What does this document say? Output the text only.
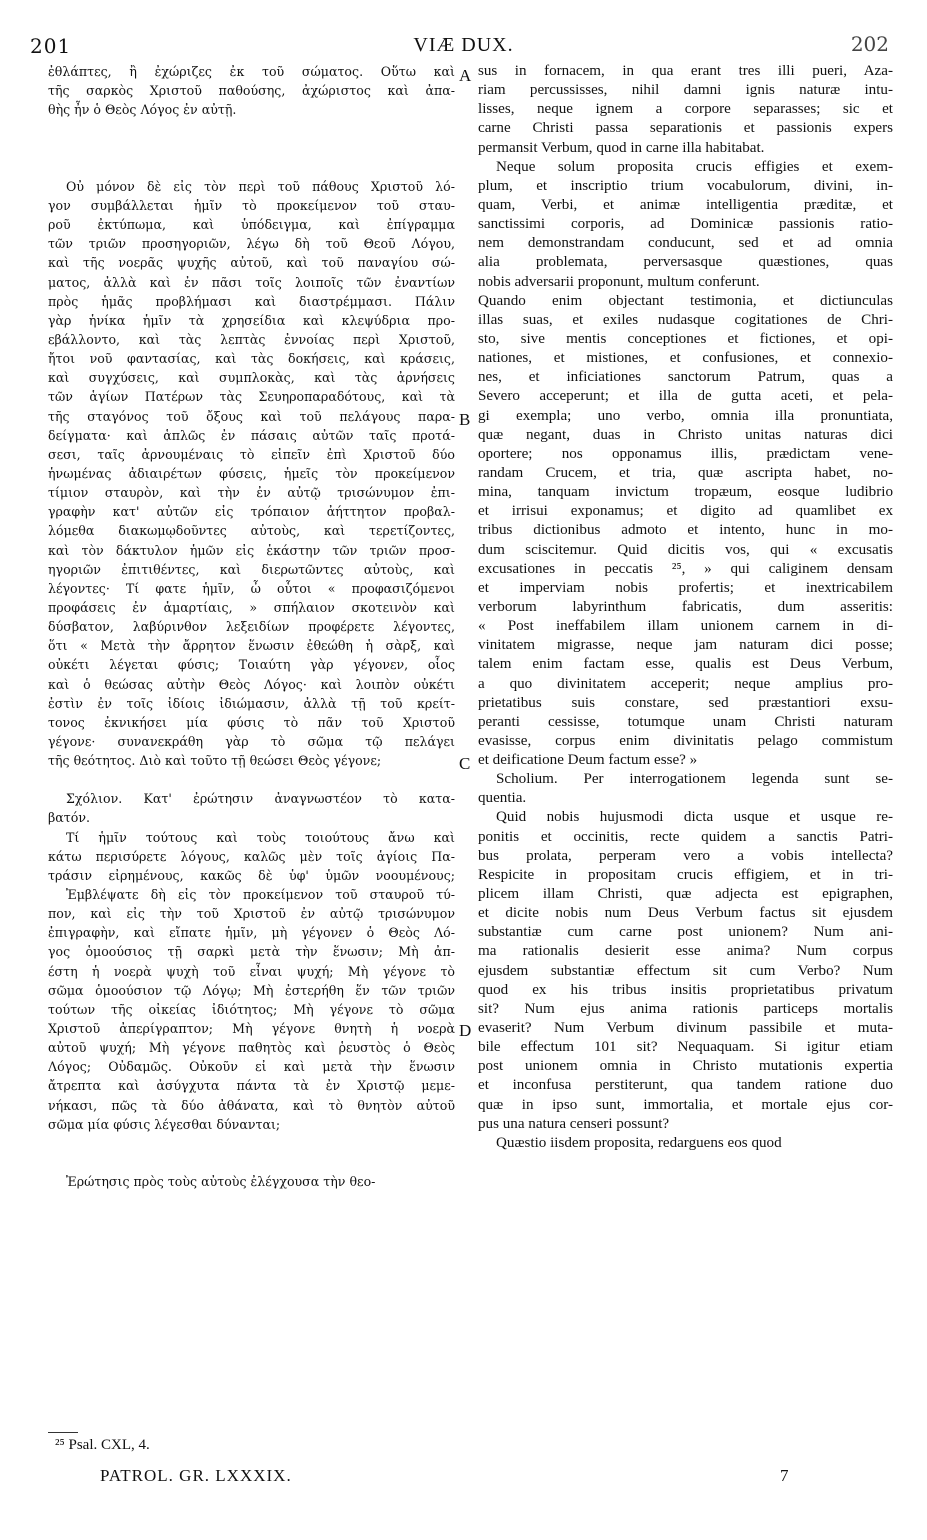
201	VIÆ DUX.	202
ἐθλάπτες, ἢ ἐχώριζες ἐκ τοῦ σώματος. Οὕτω καὶ
τῆς σαρκὸς Χριστοῦ παθούσης, ἀχώριστος καὶ ἀπα-
θὴς ἦν ὁ Θεὸς Λόγος ἐν αὐτῇ.
Οὐ μόνον δὲ εἰς τὸν περὶ τοῦ πάθους Χριστοῦ λό-
γον συμβάλλεται ἡμῖν τὸ προκείμενον τοῦ σταυ-
ροῦ ἐκτύπωμα, καὶ ὑπόδειγμα, καὶ ἐπίγραμμα
τῶν τριῶν προσηγοριῶν, λέγω δὴ τοῦ Θεοῦ Λόγου,
καὶ τῆς νοερᾶς ψυχῆς αὐτοῦ, καὶ τοῦ παναγίου σώ-
ματος, ἀλλὰ καὶ ἐν πᾶσι τοῖς λοιποῖς τῶν ἐναντίων
πρὸς ἡμᾶς προβλήμασι καὶ διαστρέμμασι. Πάλιν
γὰρ ἡνίκα ἡμῖν τὰ χρησείδια καὶ κλεψύδρια προ-
εβάλλοντο, καὶ τὰς λεπτὰς ἐννοίας περὶ Χριστοῦ,
ἤτοι νοῦ φαντασίας, καὶ τὰς δοκήσεις, καὶ κράσεις,
καὶ συγχύσεις, καὶ συμπλοκὰς, καὶ τὰς ἀρνήσεις
τῶν ἁγίων Πατέρων τὰς Σευηροπαραδότους, καὶ τὰ
τῆς σταγόνος τοῦ ὄξους καὶ τοῦ πελάγους παρα-
δείγματα· καὶ ἁπλῶς ἐν πάσαις αὐτῶν ταῖς προτά-
σεσι, ταῖς ἀρνουμέναις τὸ εἰπεῖν ἐπὶ Χριστοῦ δύο
ἡνωμένας ἀδιαιρέτων φύσεις, ἡμεῖς τὸν προκείμενον
τίμιον σταυρὸν, καὶ τὴν ἐν αὐτῷ τρισώνυμον ἐπι-
γραφὴν κατ' αὐτῶν εἰς τρόπαιον ἀήττητον προβαλ-
λόμεθα διακωμῳδοῦντες αὐτοὺς, καὶ τερετίζοντες,
καὶ τὸν δάκτυλον ἡμῶν εἰς ἑκάστην τῶν τριῶν προσ-
ηγοριῶν ἐπιτιθέντες, καὶ διερωτῶντες αὐτοὺς, καὶ
λέγοντες· Τί φατε ἡμῖν, ὦ οὗτοι « προφασιζόμενοι
προφάσεις ἐν ἁμαρτίαις, » σπήλαιον σκοτεινὸν καὶ
δύσβατον, λαβύρινθον λεξειδίων προφέρετε λέγοντες,
ὅτι « Μετὰ τὴν ἄρρητον ἕνωσιν ἐθεώθη ἡ σὰρξ, καὶ
οὐκέτι λέγεται φύσις; Τοιαύτη γὰρ γέγονεν, οἷος
καὶ ὁ θεώσας αὐτὴν Θεὸς Λόγος· καὶ λοιπὸν οὐκέτι
ἐστὶν ἐν τοῖς ἰδίοις ἰδιώμασιν, ἀλλὰ τῇ τοῦ κρείτ-
τονος ἐκνικήσει μία φύσις τὸ πᾶν τοῦ Χριστοῦ
γέγονε· συνανεκράθη γὰρ τὸ σῶμα τῷ πελάγει
τῆς θεότητος. Διὸ καὶ τοῦτο τῇ θεώσει Θεὸς γέγονε;
Σχόλιον. Κατ' ἐρώτησιν ἀναγνωστέον τὸ κατα-
βατόν.
Τί ἡμῖν τούτους καὶ τοὺς τοιούτους ἄνω καὶ
κάτω περισύρετε λόγους, καλῶς μὲν τοῖς ἁγίοις Πα-
τράσιν εἰρημένους, κακῶς δὲ ὑφ' ὑμῶν νοουμένους;
Ἐμβλέψατε δὴ εἰς τὸν προκείμενον τοῦ σταυροῦ τύ-
πον, καὶ εἰς τὴν τοῦ Χριστοῦ ἐν αὐτῷ τρισώνυμον
ἐπιγραφὴν, καὶ εἴπατε ἡμῖν, μὴ γέγονεν ὁ Θεὸς Λό-
γος ὁμοούσιος τῇ σαρκὶ μετὰ τὴν ἕνωσιν; Μὴ ἀπ-
έστη ἡ νοερὰ ψυχὴ τοῦ εἶναι ψυχή; Μὴ γέγονε τὸ
σῶμα ὁμοούσιον τῷ Λόγῳ; Μὴ ἐστερήθη ἕν τῶν τριῶν
τούτων τῆς οἰκείας ἰδιότητος; Μὴ γέγονε τὸ σῶμα
Χριστοῦ ἀπερίγραπτον; Μὴ γέγονε θνητὴ ἡ νοερὰ
αὐτοῦ ψυχή; Μὴ γέγονε παθητὸς καὶ ῥευστὸς ὁ Θεὸς
Λόγος; Οὐδαμῶς. Οὐκοῦν εἰ καὶ μετὰ τὴν ἕνωσιν
ἄτρεπτα καὶ ἀσύγχυτα πάντα τὰ ἐν Χριστῷ μεμε-
νήκασι, πῶς τὰ δύο ἀθάνατα, καὶ τὸ θνητὸν αὐτοῦ
σῶμα μία φύσις λέγεσθαι δύνανται;
Ἐρώτησις πρὸς τοὺς αὐτοὺς ἐλέγχουσα τὴν θεο-
sus in fornacem, in qua erant tres illi pueri, Aza-
riam percussisses, nihil damni ignis naturæ intu-
lisses, neque ignem a corpore separasses; sic et
carne Christi passa separationis et passionis expers
permansit Verbum, quod in carne illa habitabat.
Neque solum proposita crucis effigies et exem-
plum, et inscriptio trium vocabulorum, divini, in-
quam, Verbi, et animæ intelligentia præditæ, et
sanctissimi corporis, ad Dominicæ passionis ratio-
nem demonstrandam conducunt, sed et ad omnia
alia problemata, perversasque quæstiones, quas
nobis adversarii proponunt, multum conferunt.
Quando enim objectant testimonia, et dictiunculas
illas suas, et exiles nudasque cogitationes de Chri-
sto, sive mentis conceptiones et fictiones, et opi-
nationes, et mistiones, et confusiones, et connexio-
nes, et inficiationes sanctorum Patrum, quas a
Severo acceperunt; et illa de gutta aceti, et pela-
gi exempla; uno verbo, omnia illa pronuntiata,
quæ negant, duas in Christo unitas naturas dici
oportere; nos opponamus illis, prædictam vene-
randam Crucem, et tria, quæ ascripta habet, no-
mina, tanquam invictum tropæum, eosque ludibrio
et irrisui exponamus; et digito ad quamlibet ex
tribus dictionibus admoto et intento, hunc in mo-
dum sciscitemur. Quid dicitis vos, qui « excusatis
excusationes in peccatis ²⁵, » qui caliginem densam
et imperviam nobis profertis; et inextricabilem
verborum labyrinthum fabricatis, dum asseritis:
« Post ineffabilem illam unionem carnem in di-
vinitatem migrasse, neque jam naturam dici posse;
talem enim factam esse, qualis est Deus Verbum,
a quo divinitatem acceperit; neque amplius pro-
prietatibus suis constare, sed præstantiori exsu-
peranti cessisse, totumque unam Christi naturam
evasisse, corpus enim divinitatis pelago commistum
et deificatione Deum factum esse? »
Scholium. Per interrogationem legenda sunt se-
quentia.
Quid nobis hujusmodi dicta usque et usque re-
ponitis et occinitis, recte quidem a sanctis Patri-
bus prolata, perperam vero a vobis intellecta?
Respicite in propositam crucis effigiem, et in tri-
plicem illam Christi, quæ adjecta est epigraphen,
et dicite nobis num Deus Verbum factus sit ejusdem
substantiæ cum carne post unionem? Num ani-
ma rationalis desierit esse anima? Num corpus
ejusdem substantiæ effectum sit cum Verbo? Num
quod ex his tribus insitis proprietatibus privatum
sit? Num ejus anima rationis particeps mortalis
evaserit? Num Verbum divinum passibile et muta-
bile effectum 101 sit? Nequaquam. Si igitur etiam
post unionem omnia in Christo mutationis expertia
et inconfusa perstiterunt, qua tandem ratione duo
quæ in ipso sunt, immortalia, et mortale ejus cor-
pus una natura censeri possunt?
Quæstio iisdem proposita, redarguens eos quod
A
B
C
D
²⁵ Psal. CXL, 4.
PATROL. GR. LXXXIX.	7
